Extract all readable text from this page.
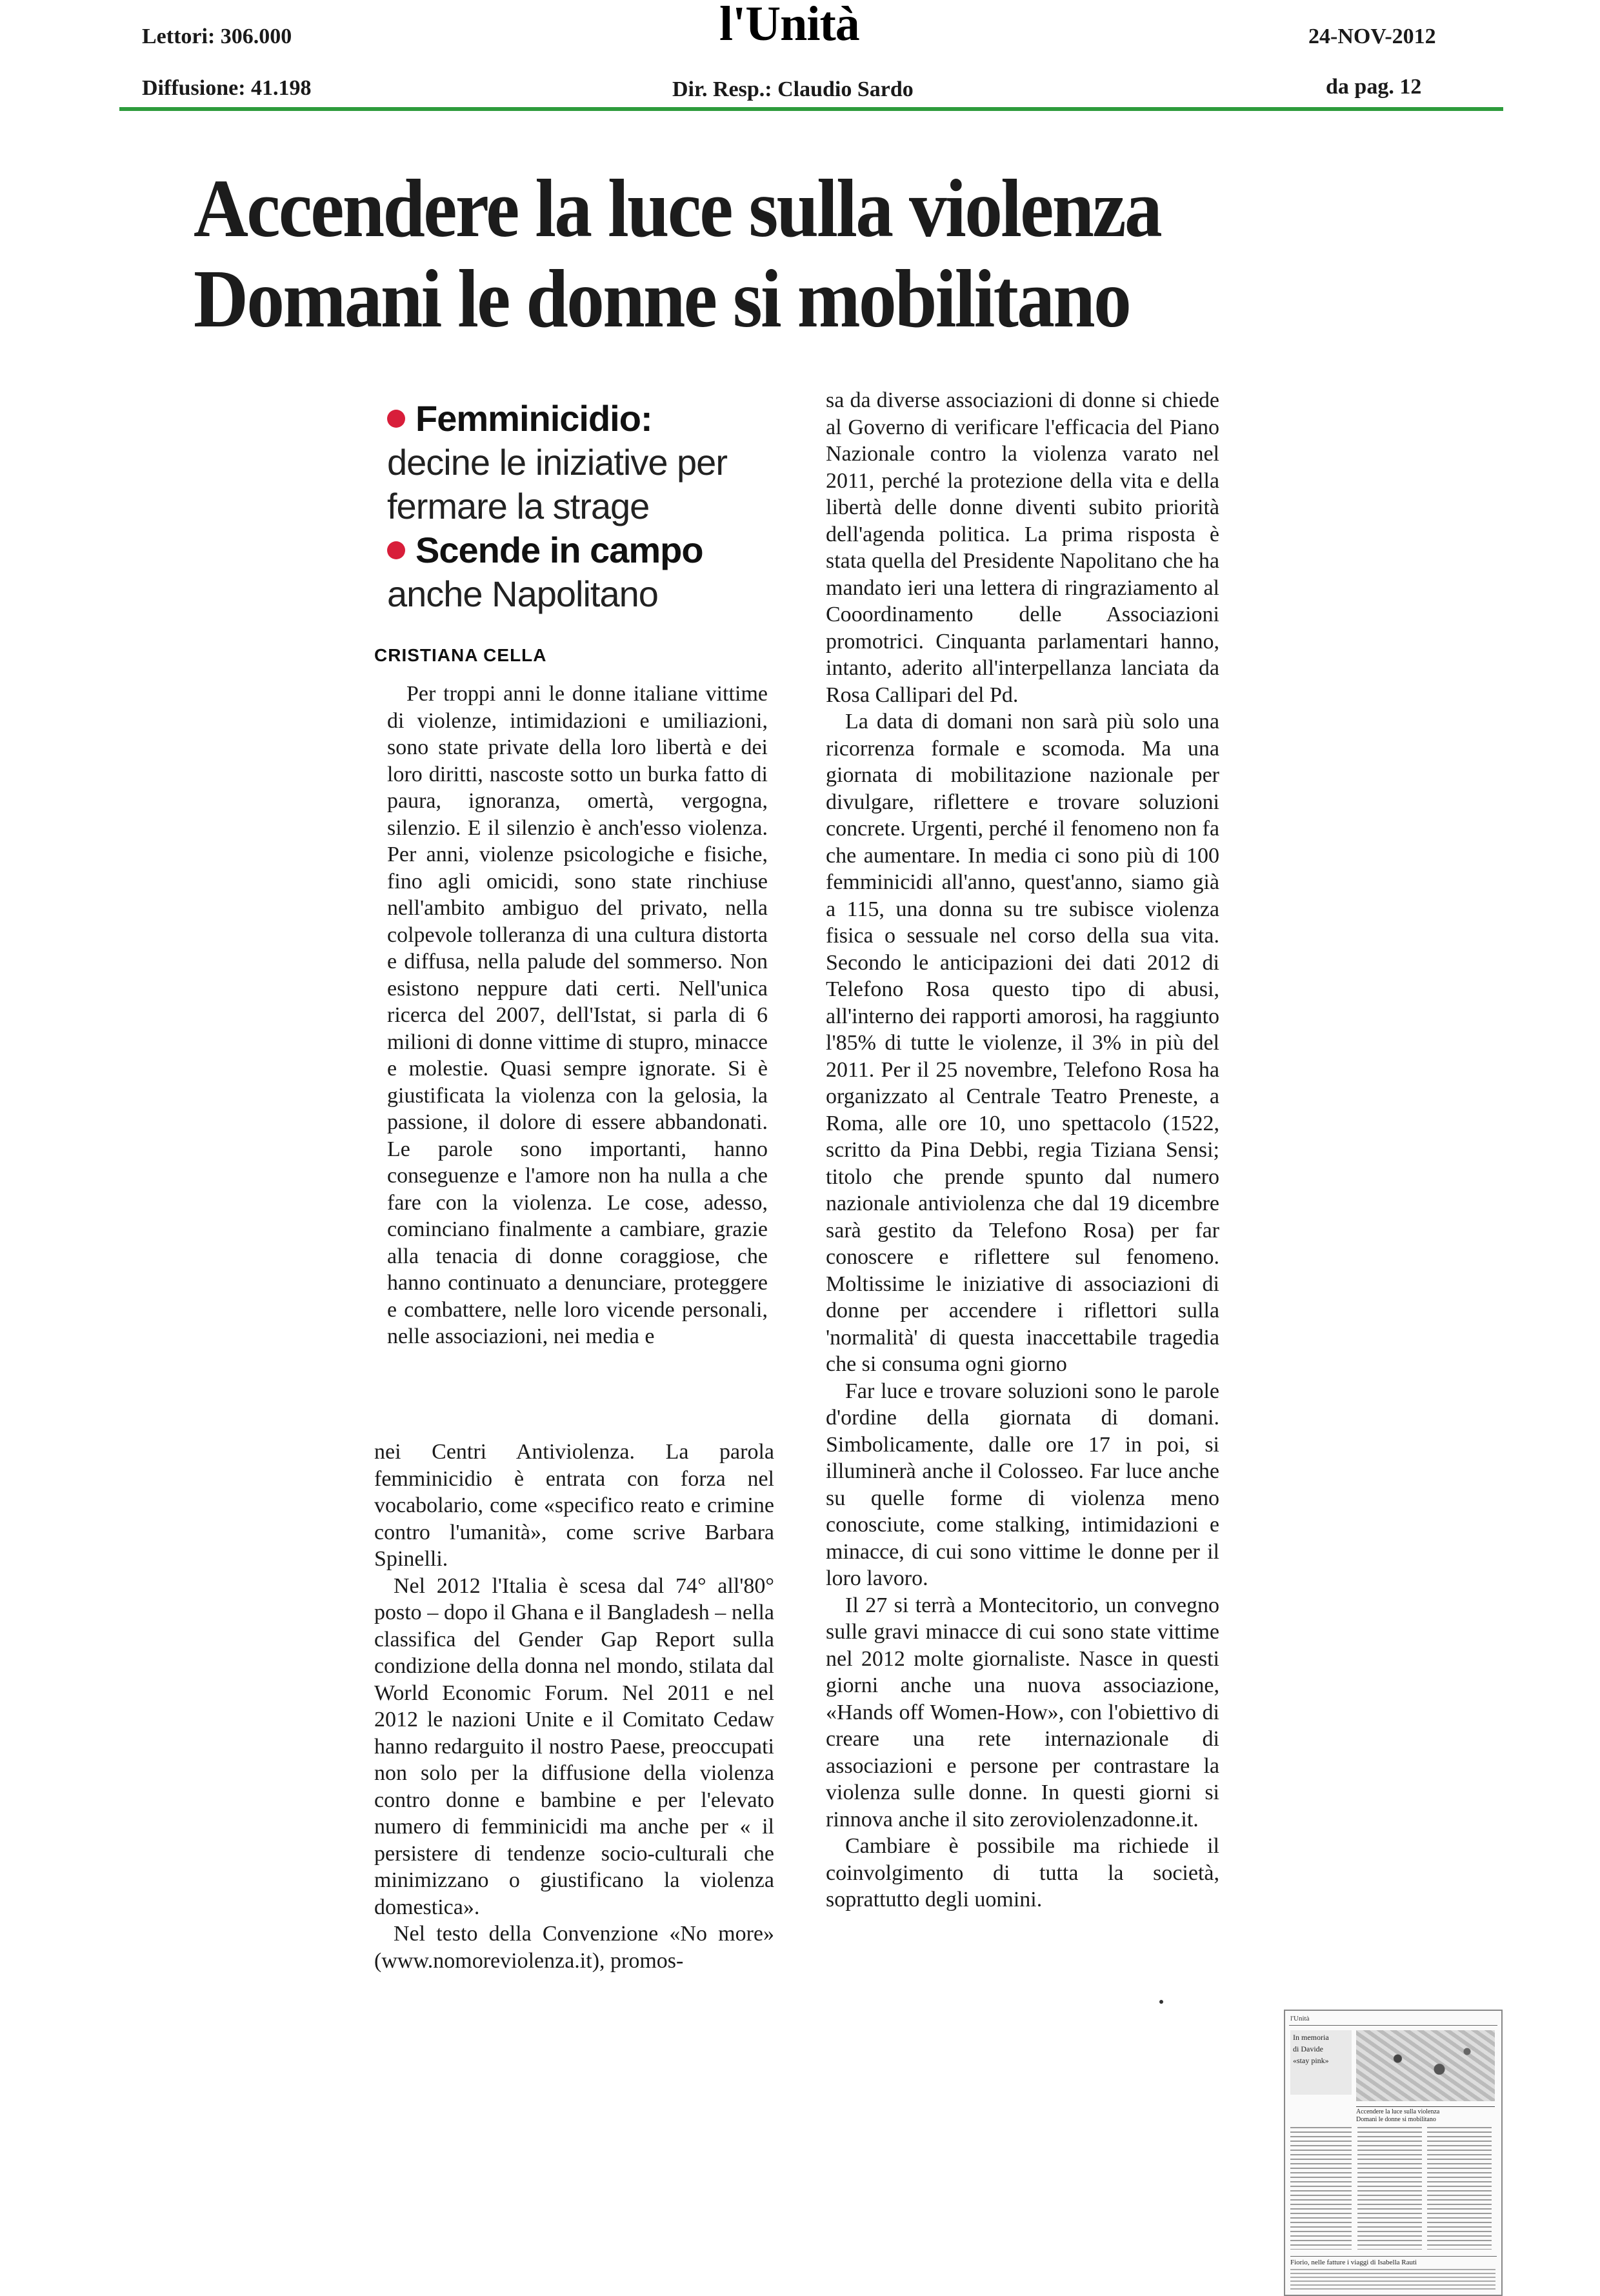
Lettori: 306.000
Diffusione: 41.198
l'Unità
Dir. Resp.: Claudio Sardo
24-NOV-2012
da pag. 12
Accendere la luce sulla violenza
Domani le donne si mobilitano
Femminicidio:
decine le iniziative per
fermare la strage
Scende in campo
anche Napolitano
CRISTIANA CELLA

Per troppi anni le donne italiane vittime di violenze, intimidazioni e umiliazioni, sono state private della loro libertà e dei loro diritti, nascoste sotto un burka fatto di paura, ignoranza, omertà, vergogna, silenzio. E il silenzio è anch'esso violenza. Per anni, violenze psicologiche e fisiche, fino agli omicidi, sono state rinchiuse nell'ambito ambiguo del privato, nella colpevole tolleranza di una cultura distorta e diffusa, nella palude del sommerso. Non esistono neppure dati certi. Nell'unica ricerca del 2007, dell'Istat, si parla di 6 milioni di donne vittime di stupro, minacce e molestie. Quasi sempre ignorate. Si è giustificata la violenza con la gelosia, la passione, il dolore di essere abbandonati. Le parole sono importanti, hanno conseguenze e l'amore non ha nulla a che fare con la violenza. Le cose, adesso, cominciano finalmente a cambiare, grazie alla tenacia di donne coraggiose, che hanno continuato a denunciare, proteggere e combattere, nelle loro vicende personali, nelle associazioni, nei media e

nei Centri Antiviolenza. La parola femminicidio è entrata con forza nel vocabolario, come «specifico reato e crimine contro l'umanità», come scrive Barbara Spinelli.

Nel 2012 l'Italia è scesa dal 74° all'80° posto – dopo il Ghana e il Bangladesh – nella classifica del Gender Gap Report sulla condizione della donna nel mondo, stilata dal World Economic Forum. Nel 2011 e nel 2012 le nazioni Unite e il Comitato Cedaw hanno redarguito il nostro Paese, preoccupati non solo per la diffusione della violenza contro donne e bambine e per l'elevato numero di femminicidi ma anche per « il persistere di tendenze socio-culturali che minimizzano o giustificano la violenza domestica».

Nel testo della Convenzione «No more» (www.nomoreviolenza.it), promos-

sa da diverse associazioni di donne si chiede al Governo di verificare l'efficacia del Piano Nazionale contro la violenza varato nel 2011, perché la protezione della vita e della libertà delle donne diventi subito priorità dell'agenda politica. La prima risposta è stata quella del Presidente Napolitano che ha mandato ieri una lettera di ringraziamento al Cooordinamento delle Associazioni promotrici. Cinquanta parlamentari hanno, intanto, aderito all'interpellanza lanciata da Rosa Callipari del Pd.

La data di domani non sarà più solo una ricorrenza formale e scomoda. Ma una giornata di mobilitazione nazionale per divulgare, riflettere e trovare soluzioni concrete. Urgenti, perché il fenomeno non fa che aumentare. In media ci sono più di 100 femminicidi all'anno, quest'anno, siamo già a 115, una donna su tre subisce violenza fisica o sessuale nel corso della sua vita. Secondo le anticipazioni dei dati 2012 di Telefono Rosa questo tipo di abusi, all'interno dei rapporti amorosi, ha raggiunto l'85% di tutte le violenze, il 3% in più del 2011. Per il 25 novembre, Telefono Rosa ha organizzato al Centrale Teatro Preneste, a Roma, alle ore 10, uno spettacolo (1522, scritto da Pina Debbi, regia Tiziana Sensi; titolo che prende spunto dal numero nazionale antiviolenza che dal 19 dicembre sarà gestito da Telefono Rosa) per far conoscere e riflettere sul fenomeno. Moltissime le iniziative di associazioni di donne per accendere i riflettori sulla 'normalità' di questa inaccettabile tragedia che si consuma ogni giorno

Far luce e trovare soluzioni sono le parole d'ordine della giornata di domani. Simbolicamente, dalle ore 17 in poi, si illuminerà anche il Colosseo. Far luce anche su quelle forme di violenza meno conosciute, come stalking, intimidazioni e minacce, di cui sono vittime le donne per il loro lavoro.

Il 27 si terrà a Montecitorio, un convegno sulle gravi minacce di cui sono state vittime nel 2012 molte giornaliste. Nasce in questi giorni anche una nuova associazione, «Hands off Women-How», con l'obiettivo di creare una rete internazionale di associazioni e persone per contrastare la violenza sulle donne. In questi giorni si rinnova anche il sito zeroviolenzadonne.it.

Cambiare è possibile ma richiede il coinvolgimento di tutta la società, soprattutto degli uomini.

l'Unità
In memoria
di Davide
«stay pink»
Accendere la luce sulla violenza
Domani le donne si mobilitano
Fiorio, nelle fatture i viaggi di Isabella Rauti
